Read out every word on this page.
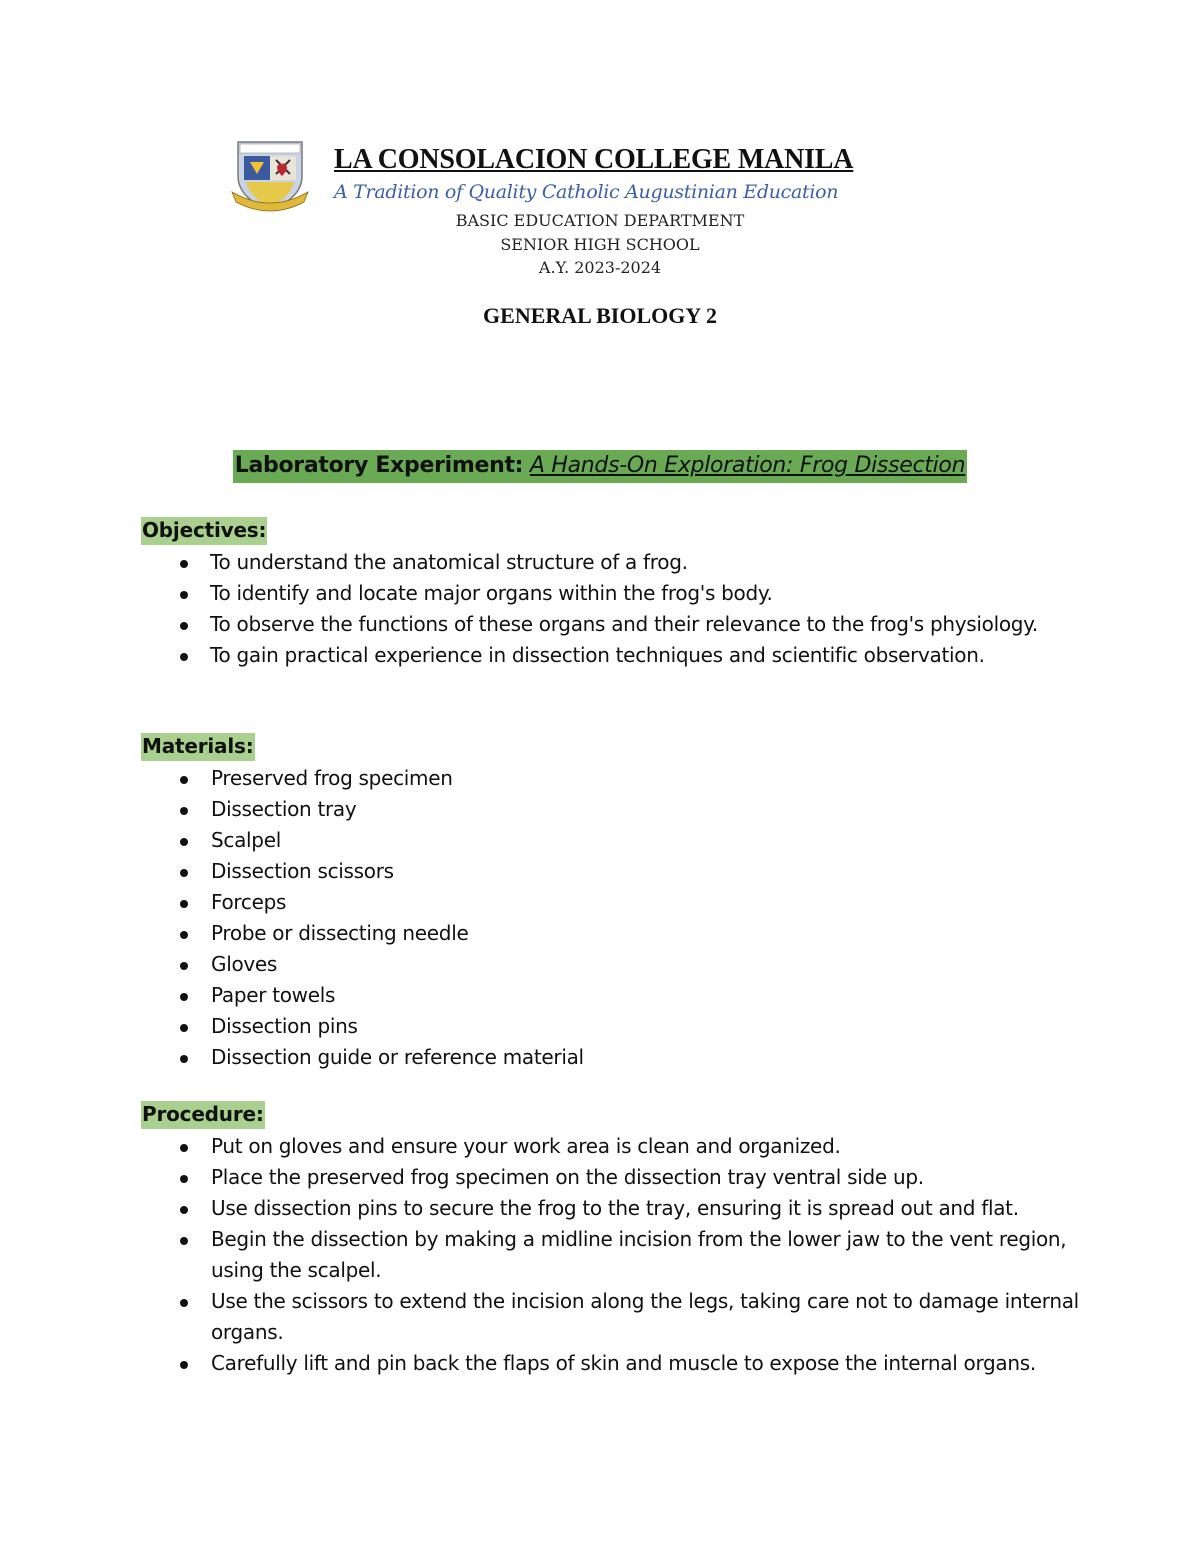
LA CONSOLACION COLLEGE MANILA
A Tradition of Quality Catholic Augustinian Education
BASIC EDUCATION DEPARTMENT
SENIOR HIGH SCHOOL
A.Y. 2023-2024
GENERAL BIOLOGY 2
Laboratory Experiment: A Hands-On Exploration: Frog Dissection
Objectives:
To understand the anatomical structure of a frog.
To identify and locate major organs within the frog's body.
To observe the functions of these organs and their relevance to the frog's physiology.
To gain practical experience in dissection techniques and scientific observation.
Materials:
Preserved frog specimen
Dissection tray
Scalpel
Dissection scissors
Forceps
Probe or dissecting needle
Gloves
Paper towels
Dissection pins
Dissection guide or reference material
Procedure:
Put on gloves and ensure your work area is clean and organized.
Place the preserved frog specimen on the dissection tray ventral side up.
Use dissection pins to secure the frog to the tray, ensuring it is spread out and flat.
Begin the dissection by making a midline incision from the lower jaw to the vent region, using the scalpel.
Use the scissors to extend the incision along the legs, taking care not to damage internal organs.
Carefully lift and pin back the flaps of skin and muscle to expose the internal organs.
